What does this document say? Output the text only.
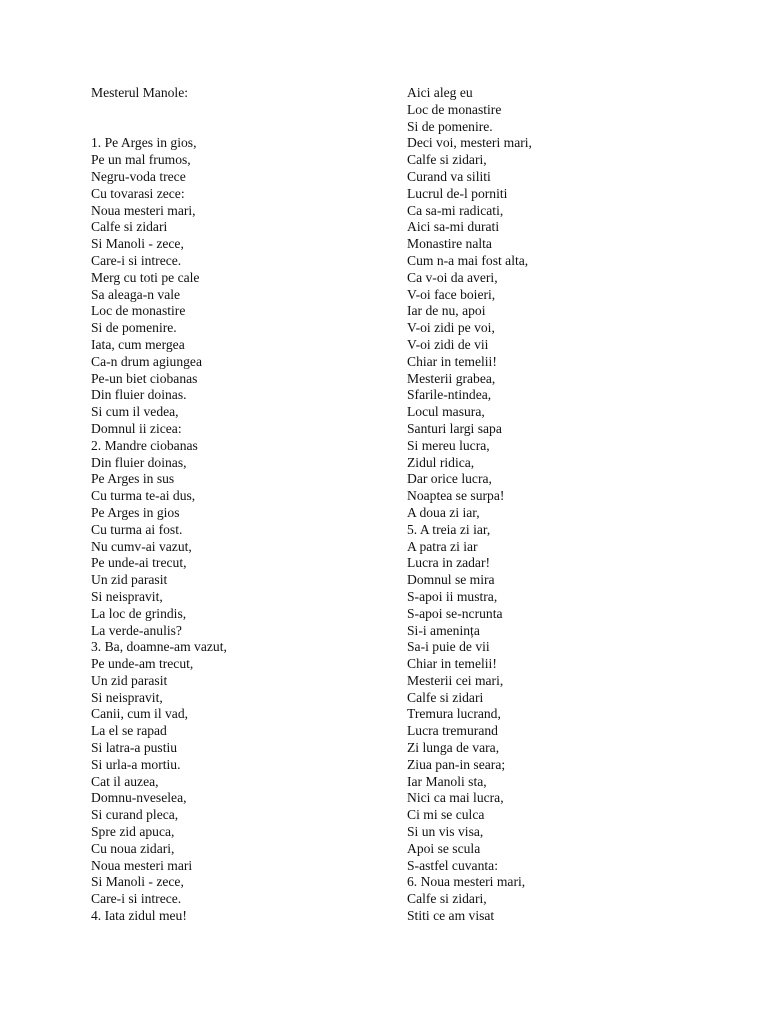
Mesterul Manole:
1. Pe Arges in gios,
Pe un mal frumos,
Negru-voda trece
Cu tovarasi zece:
Noua mesteri mari,
Calfe si zidari
Si Manoli - zece,
Care-i si intrece.
Merg cu toti pe cale
Sa aleaga-n vale
Loc de monastire
Si de pomenire.
Iata, cum mergea
Ca-n drum agiungea
Pe-un biet ciobanas
Din fluier doinas.
Si cum il vedea,
Domnul ii zicea:
2. Mandre ciobanas
Din fluier doinas,
Pe Arges in sus
Cu turma te-ai dus,
Pe Arges in gios
Cu turma ai fost.
Nu cumv-ai vazut,
Pe unde-ai trecut,
Un zid parasit
Si neispravit,
La loc de grindis,
La verde-anulis?
3. Ba, doamne-am vazut,
Pe unde-am trecut,
Un zid parasit
Si neispravit,
Canii, cum il vad,
La el se rapad
Si latra-a pustiu
Si urla-a mortiu.
Cat il auzea,
Domnu-nveselea,
Si curand pleca,
Spre zid apuca,
Cu noua zidari,
Noua mesteri mari
Si Manoli - zece,
Care-i si intrece.
4. Iata zidul meu!
Aici aleg eu
Loc de monastire
Si de pomenire.
Deci voi, mesteri mari,
Calfe si zidari,
Curand va siliti
Lucrul de-l porniti
Ca sa-mi radicati,
Aici sa-mi durati
Monastire nalta
Cum n-a mai fost alta,
Ca v-oi da averi,
V-oi face boieri,
Iar de nu, apoi
V-oi zidi pe voi,
V-oi zidi de vii
Chiar in temelii!
Mesterii grabea,
Sfarile-ntindea,
Locul masura,
Santuri largi sapa
Si mereu lucra,
Zidul ridica,
Dar orice lucra,
Noaptea se surpa!
A doua zi iar,
5. A treia zi iar,
A patra zi iar
Lucra in zadar!
Domnul se mira
S-apoi ii mustra,
S-apoi se-ncrunta
Si-i amenința
Sa-i puie de vii
Chiar in temelii!
Mesterii cei mari,
Calfe si zidari
Tremura lucrand,
Lucra tremurand
Zi lunga de vara,
Ziua pan-in seara;
Iar Manoli sta,
Nici ca mai lucra,
Ci mi se culca
Si un vis visa,
Apoi se scula
S-astfel cuvanta:
6. Noua mesteri mari,
Calfe si zidari,
Stiti ce am visat
